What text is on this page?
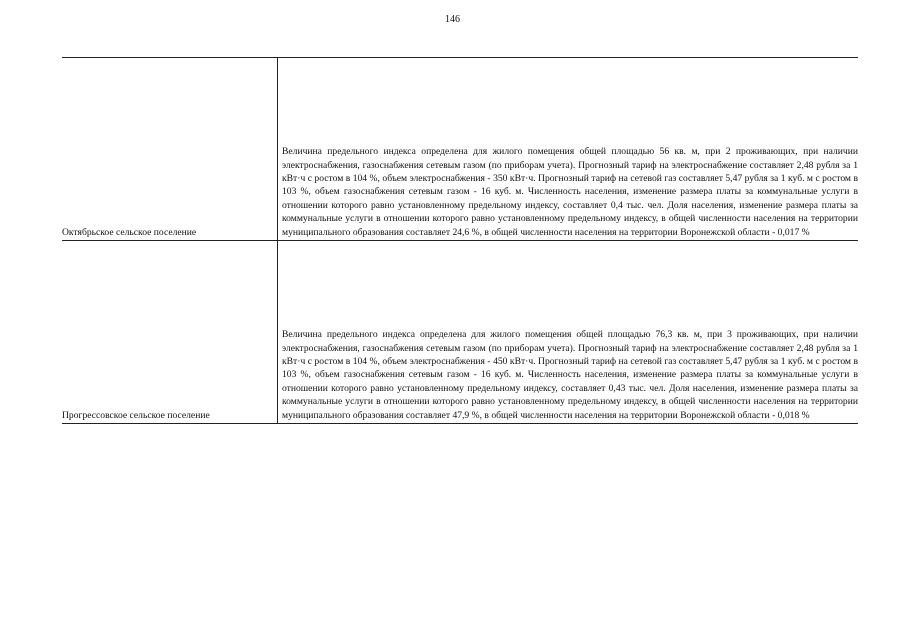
146
Октябрьское сельское поселение	Величина предельного индекса определена для жилого помещения общей площадью 56 кв. м, при 2 проживающих, при наличии электроснабжения, газоснабжения сетевым газом (по приборам учета). Прогнозный тариф на электроснабжение составляет 2,48 рубля за 1 кВт·ч с ростом в 104 %, объем электроснабжения - 350 кВт·ч. Прогнозный тариф на сетевой газ составляет 5,47 рубля за 1 куб. м с ростом в 103 %, объем газоснабжения сетевым газом - 16 куб. м. Численность населения, изменение размера платы за коммунальные услуги в отношении которого равно установленному предельному индексу, составляет 0,4 тыс. чел. Доля населения, изменение размера платы за коммунальные услуги в отношении которого равно установленному предельному индексу, в общей численности населения на территории муниципального образования составляет 24,6 %, в общей численности населения на территории Воронежской области - 0,017 %

Прогрессовское сельское поселение	Величина предельного индекса определена для жилого помещения общей площадью 76,3 кв. м, при 3 проживающих, при наличии электроснабжения, газоснабжения сетевым газом (по приборам учета). Прогнозный тариф на электроснабжение составляет 2,48 рубля за 1 кВт·ч с ростом в 104 %, объем электроснабжения - 450 кВт·ч. Прогнозный тариф на сетевой газ составляет 5,47 рубля за 1 куб. м с ростом в 103 %, объем газоснабжения сетевым газом - 16 куб. м. Численность населения, изменение размера платы за коммунальные услуги в отношении которого равно установленному предельному индексу, составляет 0,43 тыс. чел. Доля населения, изменение размера платы за коммунальные услуги в отношении которого равно установленному предельному индексу, в общей численности населения на территории муниципального образования составляет 47,9 %, в общей численности населения на территории Воронежской области - 0,018 %
